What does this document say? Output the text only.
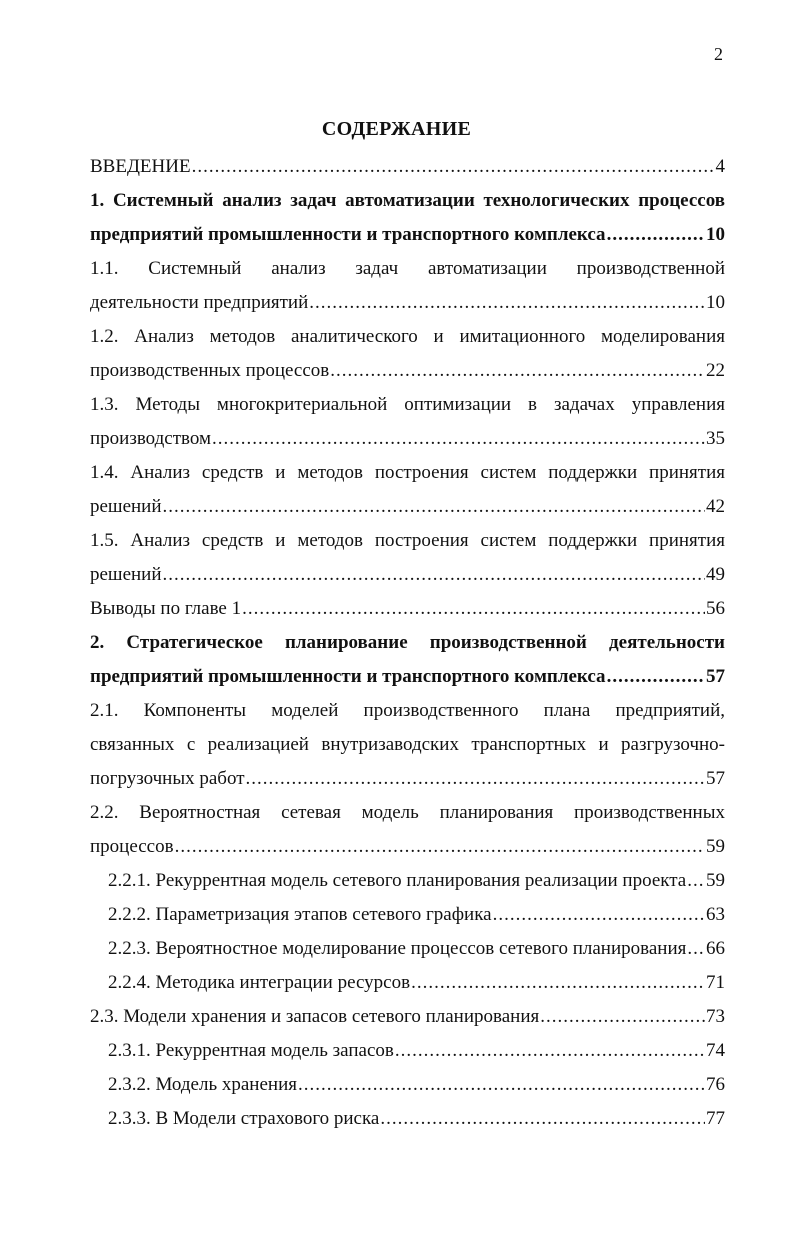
2
СОДЕРЖАНИЕ
ВВЕДЕНИЕ .....	4
1. Системный анализ задач автоматизации технологических процессов
предприятий промышленности и транспортного комплекса .....	10
1.1. Системный анализ задач автоматизации производственной
деятельности предприятий .....	10
1.2. Анализ методов аналитического и имитационного моделирования
производственных процессов .....	22
1.3. Методы многокритериальной оптимизации в задачах управления
производством .....	35
1.4. Анализ средств и методов построения систем поддержки принятия
решений .....	42
1.5. Анализ средств и методов построения систем поддержки принятия
решений .....	49
Выводы по главе 1 .....	56
2. Стратегическое планирование производственной деятельности
предприятий промышленности и транспортного комплекса .....	57
2.1. Компоненты моделей производственного плана предприятий,
связанных с реализацией внутризаводских транспортных и разгрузочно-
погрузочных работ .....	57
2.2. Вероятностная сетевая модель планирования производственных
процессов .....	59
2.2.1. Рекуррентная модель сетевого планирования реализации проекта ..... 59
2.2.2. Параметризация этапов сетевого графика .....	63
2.2.3. Вероятностное моделирование процессов сетевого планирования ..... 66
2.2.4. Методика интеграции ресурсов .....	71
2.3. Модели хранения и запасов сетевого планирования .....	73
2.3.1. Рекуррентная модель запасов .....	74
2.3.2. Модель хранения .....	76
2.3.3. В Модели страхового риска .....	77
